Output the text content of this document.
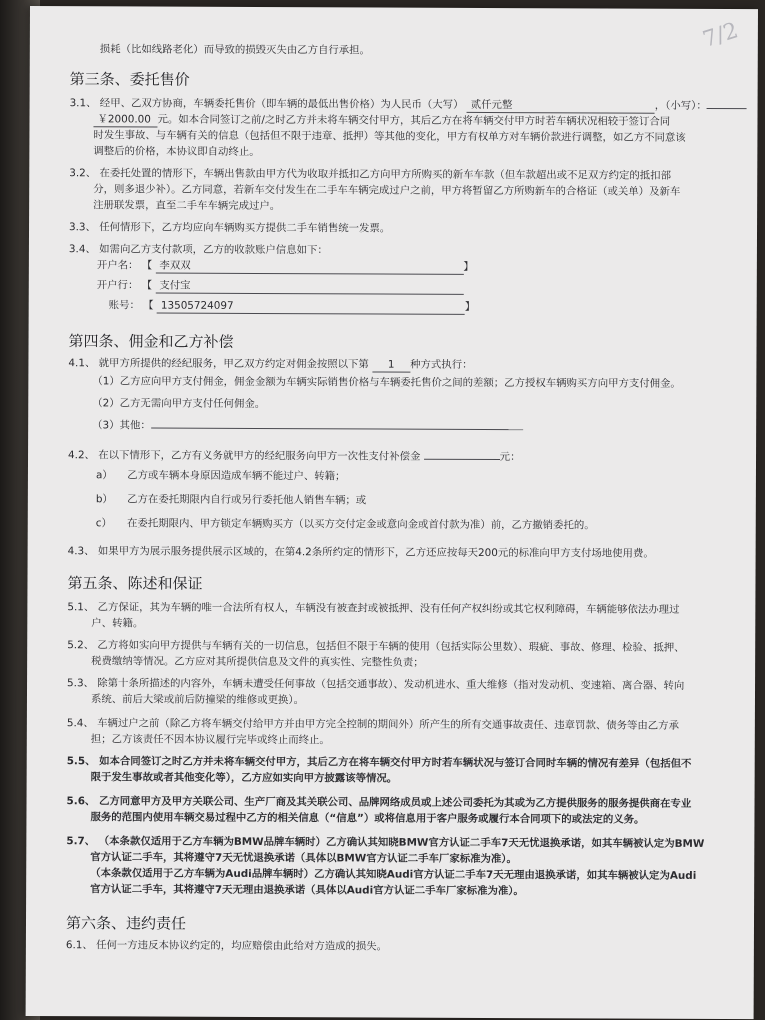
7/2
损耗（比如线路老化）而导致的损毁灭失由乙方自行承担。
第三条、委托售价
3.1、 经甲、乙双方协商，车辆委托售价（即车辆的最低出售价格）为人民币（大写） 贰仟元整	，（小写）：
￥2000.00 元。如本合同签订之前/之时乙方并未将车辆交付甲方，其后乙方在将车辆交付甲方时若车辆状况相较于签订合同
时发生事故、与车辆有关的信息（包括但不限于违章、抵押）等其他的变化，甲方有权单方对车辆价款进行调整，如乙方不同意该
调整后的价格，本协议即自动终止。
3.2、 在委托处置的情形下，车辆出售款由甲方代为收取并抵扣乙方向甲方所购买的新车车款（但车款超出或不足双方约定的抵扣部
分，则多退少补）。乙方同意，若新车交付发生在二手车车辆完成过户之前，甲方将暂留乙方所购新车的合格证（或关单）及新车
注册联发票，直至二手车车辆完成过户。
3.3、 任何情形下，乙方均应向车辆购买方提供二手车销售统一发票。
3.4、 如需向乙方支付款项，乙方的收款账户信息如下：
开户名： 【 李双双	】
开户行： 【 支付宝
账号： 【 13505724097	】
第四条、佣金和乙方补偿
4.1、 就甲方所提供的经纪服务，甲乙双方约定对佣金按照以下第 1 种方式执行：
（1）乙方应向甲方支付佣金，佣金金额为车辆实际销售价格与车辆委托售价之间的差额；乙方授权车辆购买方向甲方支付佣金。
（2）乙方无需向甲方支付任何佣金。
（3）其他：
4.2、 在以下情形下，乙方有义务就甲方的经纪服务向甲方一次性支付补偿金	元：
a） 乙方或车辆本身原因造成车辆不能过户、转籍；
b） 乙方在委托期限内自行或另行委托他人销售车辆；或
c） 在委托期限内、甲方锁定车辆购买方（以买方交付定金或意向金或首付款为准）前，乙方撤销委托的。
4.3、 如果甲方为展示服务提供展示区域的，在第4.2条所约定的情形下，乙方还应按每天200元的标准向甲方支付场地使用费。
第五条、陈述和保证
5.1、 乙方保证，其为车辆的唯一合法所有权人，车辆没有被查封或被抵押、没有任何产权纠纷或其它权利障碍，车辆能够依法办理过
户、转籍。
5.2、 乙方将如实向甲方提供与车辆有关的一切信息，包括但不限于车辆的使用（包括实际公里数）、瑕疵、事故、修理、检验、抵押、
税费缴纳等情况。乙方应对其所提供信息及文件的真实性、完整性负责；
5.3、 除第十条所描述的内容外，车辆未遭受任何事故（包括交通事故）、发动机进水、重大维修（指对发动机、变速箱、离合器、转向
系统、前后大梁或前后防撞梁的维修或更换）。
5.4、 车辆过户之前（除乙方将车辆交付给甲方并由甲方完全控制的期间外）所产生的所有交通事故责任、违章罚款、债务等由乙方承
担；乙方该责任不因本协议履行完毕或终止而终止。
5.5、 如本合同签订之时乙方并未将车辆交付甲方，其后乙方在将车辆交付甲方时若车辆状况与签订合同时车辆的情况有差异（包括但不
限于发生事故或者其他变化等），乙方应如实向甲方披露该等情况。
5.6、 乙方同意甲方及甲方关联公司、生产厂商及其关联公司、品牌网络成员或上述公司委托为其或为乙方提供服务的服务提供商在专业
服务的范围内使用车辆交易过程中乙方的相关信息（“信息”）或将信息用于客户服务或履行本合同项下的或法定的义务。
5.7、 （本条款仅适用于乙方车辆为BMW品牌车辆时）乙方确认其知晓BMW官方认证二手车7天无忧退换承诺，如其车辆被认定为BMW
官方认证二手车，其将遵守7天无忧退换承诺（具体以BMW官方认证二手车厂家标准为准）。
（本条款仅适用于乙方车辆为Audi品牌车辆时）乙方确认其知晓Audi官方认证二手车7天无理由退换承诺，如其车辆被认定为Audi
官方认证二手车，其将遵守7天无理由退换承诺（具体以Audi官方认证二手车厂家标准为准）。
第六条、违约责任
6.1、 任何一方违反本协议约定的，均应赔偿由此给对方造成的损失。
